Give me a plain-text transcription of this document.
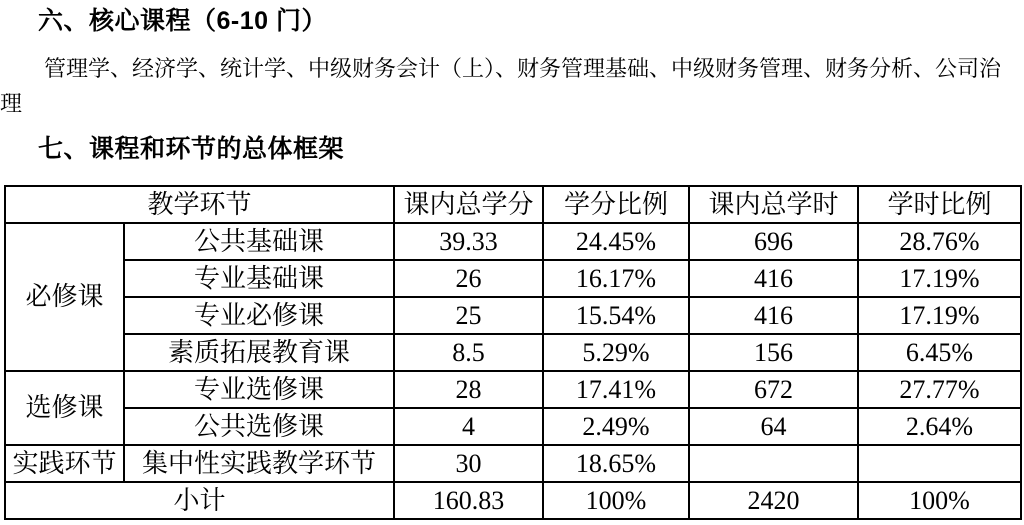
六、核心课程（6-10 门）

管理学、经济学、统计学、中级财务会计（上）、财务管理基础、中级财务管理、财务分析、公司治理

七、课程和环节的总体框架
教学环节		课内总学分	学分比例	课内总学时	学时比例
必修课	公共基础课	39.33	24.45%	696	28.76%
	专业基础课	26	16.17%	416	17.19%
	专业必修课	25	15.54%	416	17.19%
	素质拓展教育课	8.5	5.29%	156	6.45%
选修课	专业选修课	28	17.41%	672	27.77%
	公共选修课	4	2.49%	64	2.64%
实践环节	集中性实践教学环节	30	18.65%		
小计		160.83	100%	2420	100%
